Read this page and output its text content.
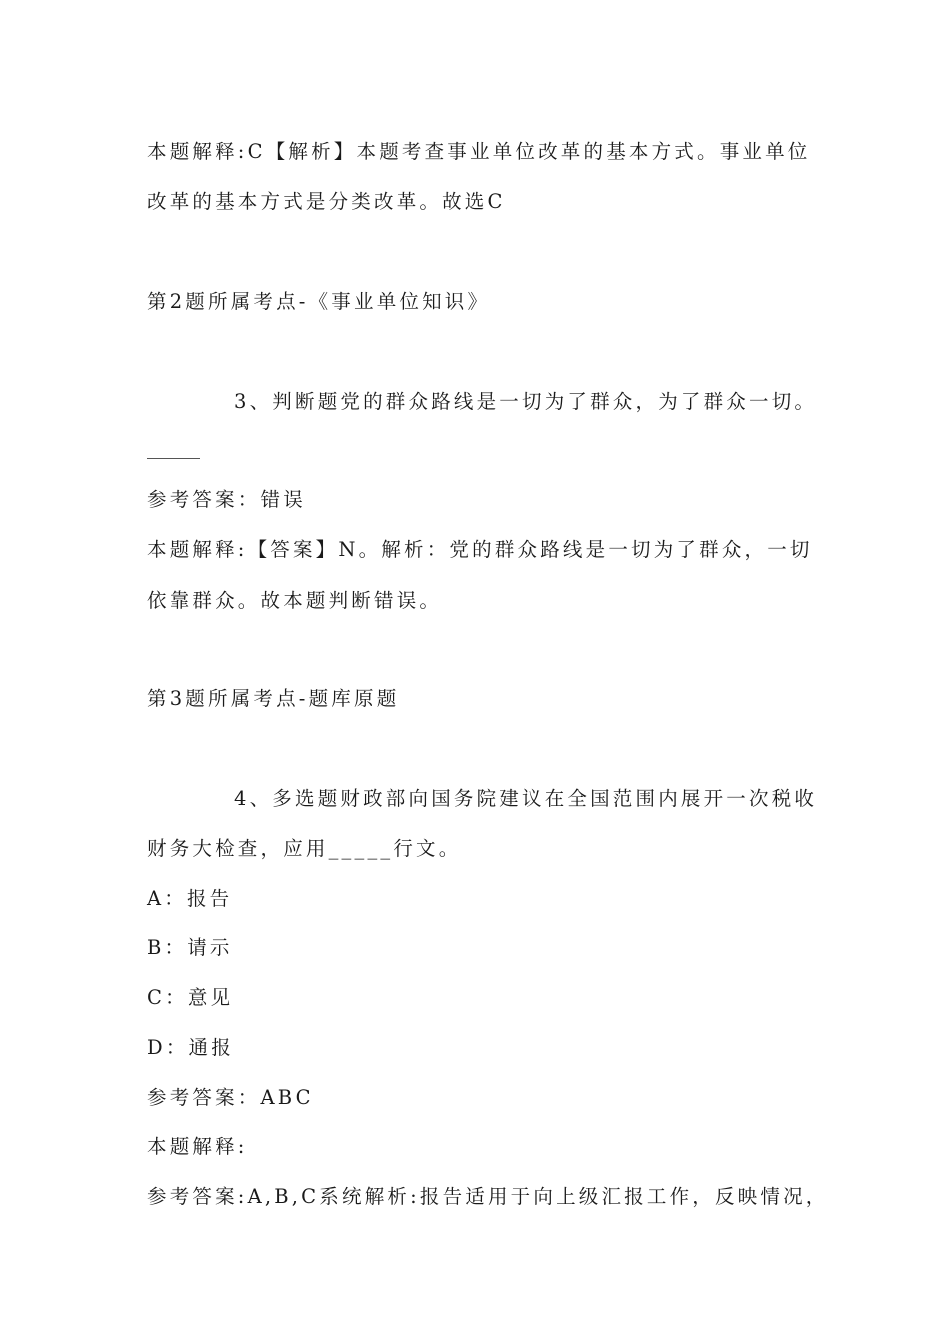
本题解释:C【解析】本题考查事业单位改革的基本方式。事业单位
改革的基本方式是分类改革。故选C
第2题所属考点-《事业单位知识》
3、判断题党的群众路线是一切为了群众，为了群众一切。
参考答案：错误
本题解释:【答案】N。解析：党的群众路线是一切为了群众，一切
依靠群众。故本题判断错误。
第3题所属考点-题库原题
4、多选题财政部向国务院建议在全国范围内展开一次税收
财务大检查，应用_____行文。
A：报告
B：请示
C：意见
D：通报
参考答案：ABC
本题解释:
参考答案:A,B,C系统解析:报告适用于向上级汇报工作，反映情况，
